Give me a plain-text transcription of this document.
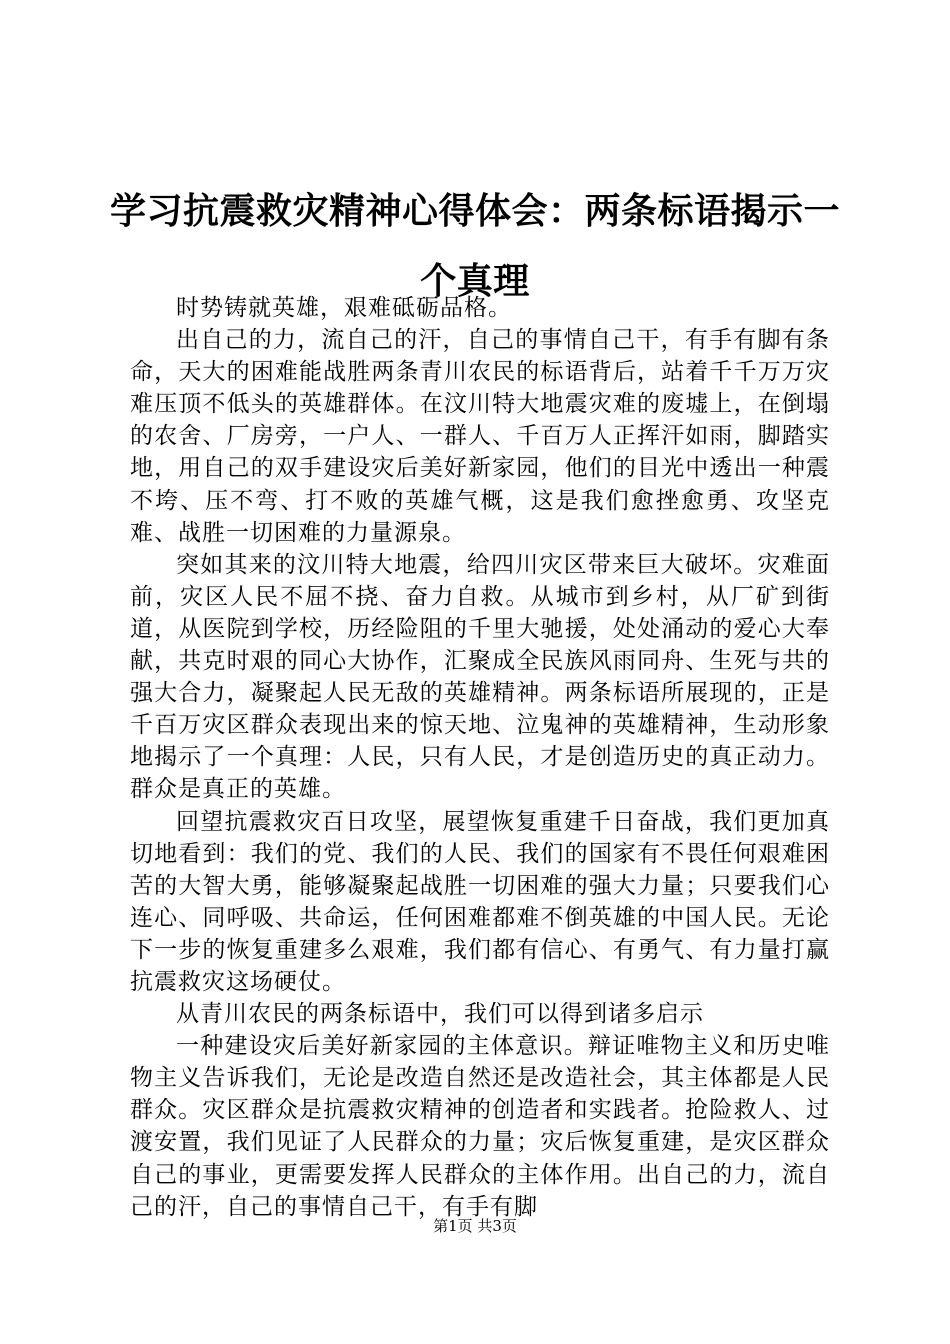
学习抗震救灾精神心得体会：两条标语揭示一个真理

时势铸就英雄，艰难砥砺品格。

出自己的力，流自己的汗，自己的事情自己干，有手有脚有条命，天大的困难能战胜两条青川农民的标语背后，站着千千万万灾难压顶不低头的英雄群体。在汶川特大地震灾难的废墟上，在倒塌的农舍、厂房旁，一户人、一群人、千百万人正挥汗如雨，脚踏实地，用自己的双手建设灾后美好新家园，他们的目光中透出一种震不垮、压不弯、打不败的英雄气概，这是我们愈挫愈勇、攻坚克难、战胜一切困难的力量源泉。

突如其来的汶川特大地震，给四川灾区带来巨大破坏。灾难面前，灾区人民不屈不挠、奋力自救。从城市到乡村，从厂矿到街道，从医院到学校，历经险阻的千里大驰援，处处涌动的爱心大奉献，共克时艰的同心大协作，汇聚成全民族风雨同舟、生死与共的强大合力，凝聚起人民无敌的英雄精神。两条标语所展现的，正是千百万灾区群众表现出来的惊天地、泣鬼神的英雄精神，生动形象地揭示了一个真理：人民，只有人民，才是创造历史的真正动力。群众是真正的英雄。

回望抗震救灾百日攻坚，展望恢复重建千日奋战，我们更加真切地看到：我们的党、我们的人民、我们的国家有不畏任何艰难困苦的大智大勇，能够凝聚起战胜一切困难的强大力量；只要我们心连心、同呼吸、共命运，任何困难都难不倒英雄的中国人民。无论下一步的恢复重建多么艰难，我们都有信心、有勇气、有力量打赢抗震救灾这场硬仗。

从青川农民的两条标语中，我们可以得到诸多启示

一种建设灾后美好新家园的主体意识。辩证唯物主义和历史唯物主义告诉我们，无论是改造自然还是改造社会，其主体都是人民群众。灾区群众是抗震救灾精神的创造者和实践者。抢险救人、过渡安置，我们见证了人民群众的力量；灾后恢复重建，是灾区群众自己的事业，更需要发挥人民群众的主体作用。出自己的力，流自己的汗，自己的事情自己干，有手有脚

第1页 共3页
